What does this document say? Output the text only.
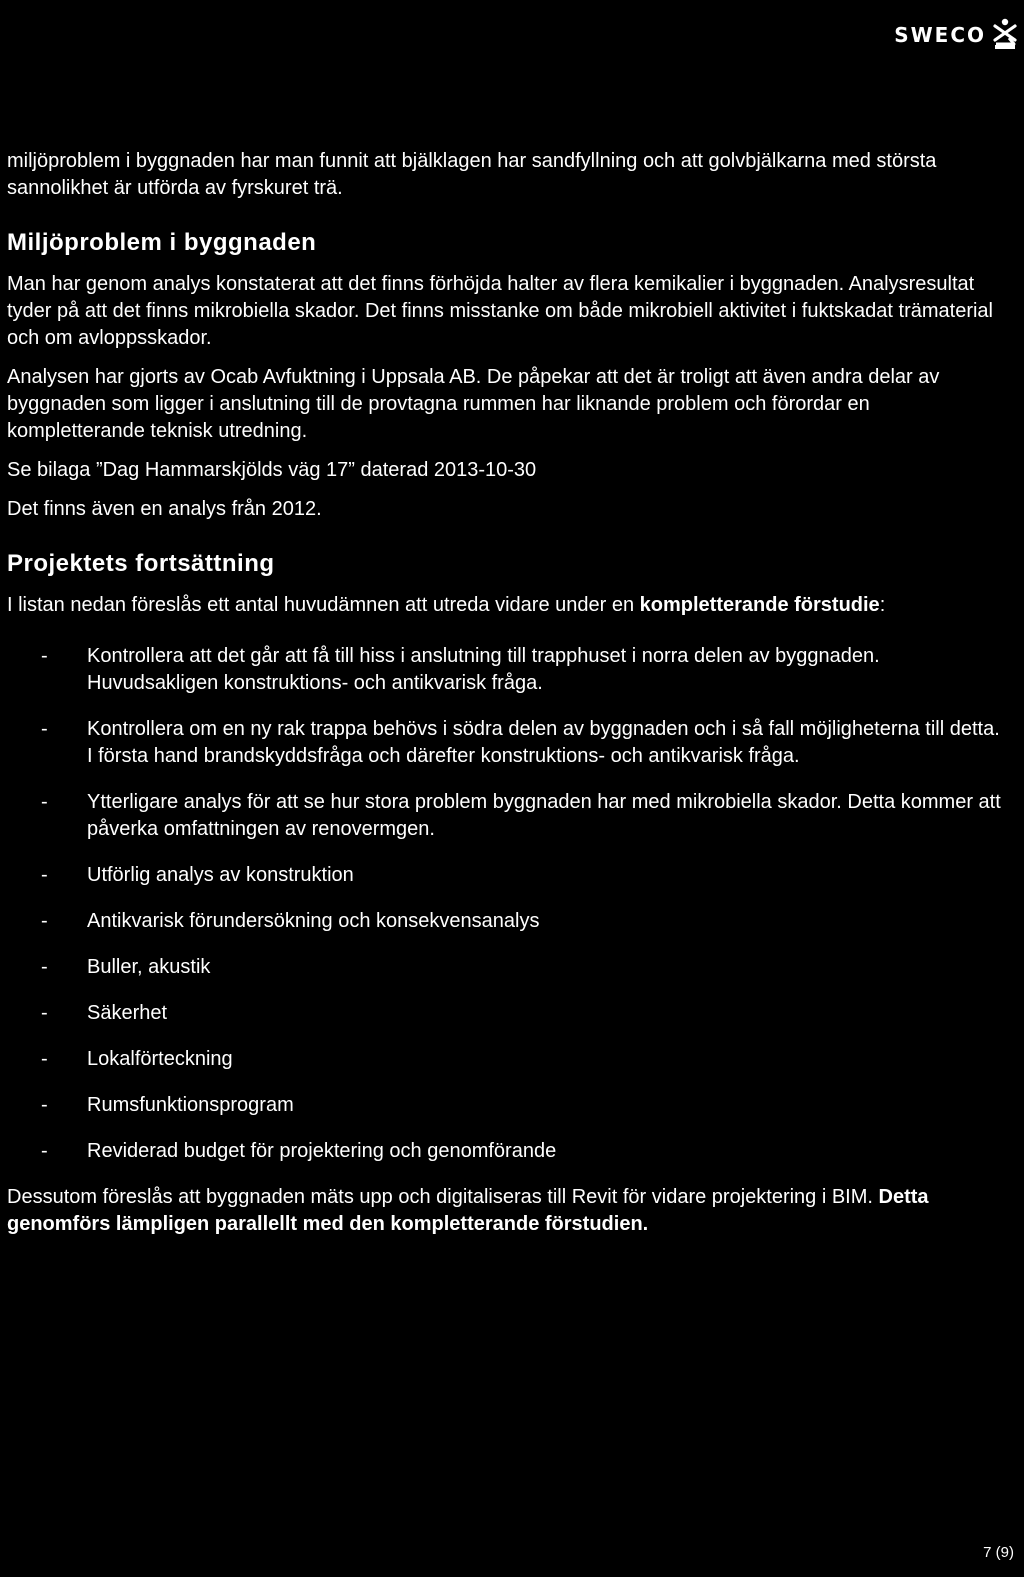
SWECO

miljöproblem i byggnaden har man funnit att bjälklagen har sandfyllning och att golvbjälkarna med största sannolikhet är utförda av fyrskuret trä.

Miljöproblem i byggnaden

Man har genom analys konstaterat att det finns förhöjda halter av flera kemikalier i byggnaden. Analysresultat tyder på att det finns mikrobiella skador. Det finns misstanke om både mikrobiell aktivitet i fuktskadat trämaterial och om avloppsskador.

Analysen har gjorts av Ocab Avfuktning i Uppsala AB. De påpekar att det är troligt att även andra delar av byggnaden som ligger i anslutning till de provtagna rummen har liknande problem och förordar en kompletterande teknisk utredning.

Se bilaga ”Dag Hammarskjölds väg 17” daterad 2013-10-30

Det finns även en analys från 2012.

Projektets fortsättning

I listan nedan föreslås ett antal huvudämnen att utreda vidare under en kompletterande förstudie:

- Kontrollera att det går att få till hiss i anslutning till trapphuset i norra delen av byggnaden. Huvudsakligen konstruktions- och antikvarisk fråga.
- Kontrollera om en ny rak trappa behövs i södra delen av byggnaden och i så fall möjligheterna till detta. I första hand brandskyddsfråga och därefter konstruktions- och antikvarisk fråga.
- Ytterligare analys för att se hur stora problem byggnaden har med mikrobiella skador. Detta kommer att påverka omfattningen av renovermgen.
- Utförlig analys av konstruktion
- Antikvarisk förundersökning och konsekvensanalys
- Buller, akustik
- Säkerhet
- Lokalförteckning
- Rumsfunktionsprogram
- Reviderad budget för projektering och genomförande

Dessutom föreslås att byggnaden mäts upp och digitaliseras till Revit för vidare projektering i BIM. Detta genomförs lämpligen parallellt med den kompletterande förstudien.

7 (9)
